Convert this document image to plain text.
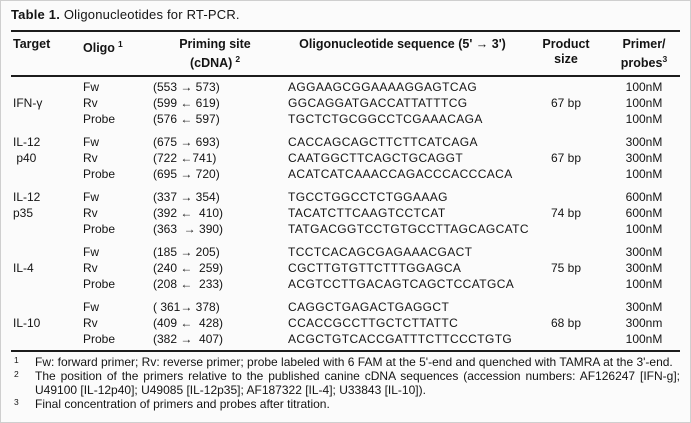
Table 1. Oligonucleotides for RT-PCR.
Target	Oligo $^1$	Priming site
(cDNA) $^2$
Oligonucleotide sequence (5' → 3')	Product
size
Primer/
probes$^3$
Fw	(553 → 573)	AGGAAGCGGAAAAGGAGTCAG	100nM
IFN-γ	Rv	(599 ← 619)	GGCAGGATGACCATTATTTCG	67 bp	100nM
Probe	(576 ← 597)	TGCTCTGCGGCCTCGAAACAGA	100nM
IL-12	Fw	(675 → 693)	CACCAGCAGCTTCTTCATCAGA	300nM
p40	Rv	(722 ←741)	CAATGGCTTCAGCTGCAGGT	67 bp	300nM
Probe	(695 → 720)	ACATCATCAAACCAGACCCACCCACA	100nM
IL-12	Fw	(337 → 354)	TGCCTGGCCTCTGGAAAG	600nM
p35	Rv	(392 ←  410)	TACATCTTCAAGTCCTCAT	74 bp	600nM
Probe	(363  → 390)	TATGACGGTCCTGTGCCTTAGCAGCATC	100nM
Fw	(185 → 205)	TCCTCACAGCGAGAAACGACT	300nM
IL-4	Rv	(240 ←  259)	CGCTTGTGTTCTTTGGAGCA	75 bp	300nM
Probe	(208 ←  233)	ACGTCCTTGACAGTCAGCTCCATGCA	100nM
Fw	( 361→ 378)	CAGGCTGAGACTGAGGCT	300nM
IL-10	Rv	(409 ←  428)	CCACCGCCTTGCTCTTATTC	68 bp	300nm
Probe	(382 →  407)	ACGCTGTCACCGATTTCTTCCCTGTG	100nM
1 Fw: forward primer; Rv: reverse primer; probe labeled with 6 FAM at the 5'-end and quenched with TAMRA at the 3'-end.
2 The position of the primers relative to the published canine cDNA sequences (accession numbers: AF126247 [IFN-g]; U49100 [IL-12p40]; U49085 [IL-12p35]; AF187322 [IL-4]; U33843 [IL-10]).
3 Final concentration of primers and probes after titration.
